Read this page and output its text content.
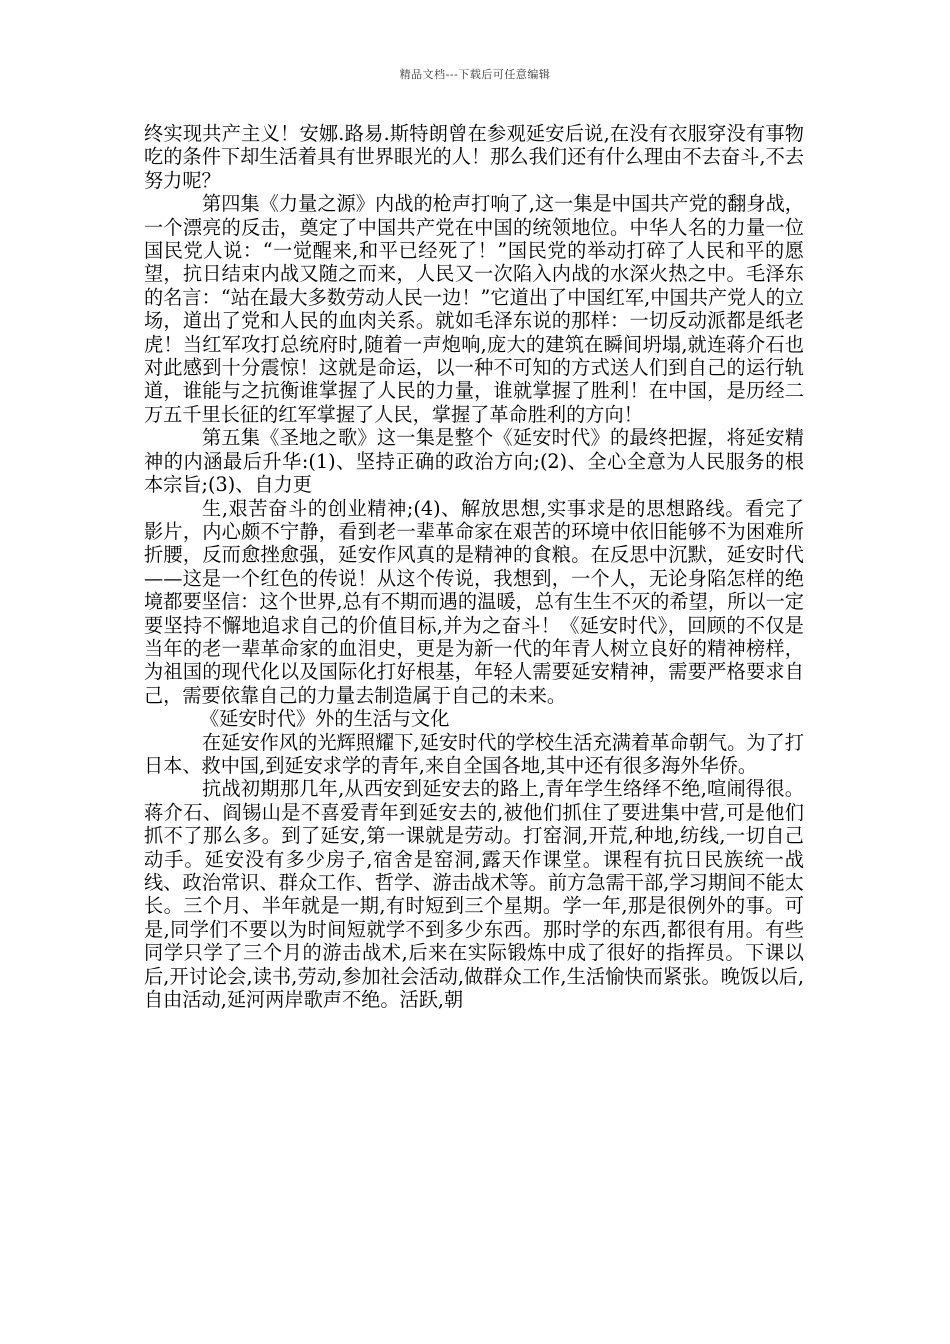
精品文档---下载后可任意编辑

终实现共产主义！安娜.路易.斯特朗曾在参观延安后说,在没有衣服穿没有事物吃的条件下却生活着具有世界眼光的人！那么我们还有什么理由不去奋斗,不去努力呢？

第四集《力量之源》内战的枪声打响了,这一集是中国共产党的翻身战，一个漂亮的反击，奠定了中国共产党在中国的统领地位。中华人名的力量一位国民党人说：“一觉醒来,和平已经死了！”国民党的举动打碎了人民和平的愿望，抗日结束内战又随之而来，人民又一次陷入内战的水深火热之中。毛泽东的名言：“站在最大多数劳动人民一边！”它道出了中国红军,中国共产党人的立场，道出了党和人民的血肉关系。就如毛泽东说的那样：一切反动派都是纸老虎！当红军攻打总统府时,随着一声炮响,庞大的建筑在瞬间坍塌,就连蒋介石也对此感到十分震惊！这就是命运，以一种不可知的方式送人们到自己的运行轨道，谁能与之抗衡谁掌握了人民的力量，谁就掌握了胜利！在中国，是历经二万五千里长征的红军掌握了人民，掌握了革命胜利的方向！

第五集《圣地之歌》这一集是整个《延安时代》的最终把握，将延安精神的内涵最后升华:(1)、坚持正确的政治方向;(2)、全心全意为人民服务的根本宗旨;(3)、自力更

生,艰苦奋斗的创业精神;(4)、解放思想,实事求是的思想路线。看完了影片，内心颇不宁静，看到老一辈革命家在艰苦的环境中依旧能够不为困难所折腰，反而愈挫愈强，延安作风真的是精神的食粮。在反思中沉默，延安时代——这是一个红色的传说！从这个传说，我想到，一个人，无论身陷怎样的绝境都要坚信：这个世界,总有不期而遇的温暖，总有生生不灭的希望，所以一定要坚持不懈地追求自己的价值目标,并为之奋斗！《延安时代》，回顾的不仅是当年的老一辈革命家的血泪史，更是为新一代的年青人树立良好的精神榜样，为祖国的现代化以及国际化打好根基，年轻人需要延安精神，需要严格要求自己，需要依靠自己的力量去制造属于自己的未来。

《延安时代》外的生活与文化

在延安作风的光辉照耀下,延安时代的学校生活充满着革命朝气。为了打日本、救中国,到延安求学的青年,来自全国各地,其中还有很多海外华侨。

抗战初期那几年,从西安到延安去的路上,青年学生络绎不绝,喧闹得很。蒋介石、阎锡山是不喜爱青年到延安去的,被他们抓住了要进集中营,可是他们抓不了那么多。到了延安,第一课就是劳动。打窑洞,开荒,种地,纺线,一切自己动手。延安没有多少房子,宿舍是窑洞,露天作课堂。课程有抗日民族统一战线、政治常识、群众工作、哲学、游击战术等。前方急需干部,学习期间不能太长。三个月、半年就是一期,有时短到三个星期。学一年,那是很例外的事。可是,同学们不要以为时间短就学不到多少东西。那时学的东西,都很有用。有些同学只学了三个月的游击战术,后来在实际锻炼中成了很好的指挥员。下课以后,开讨论会,读书,劳动,参加社会活动,做群众工作,生活愉快而紧张。晚饭以后,自由活动,延河两岸歌声不绝。活跃,朝
